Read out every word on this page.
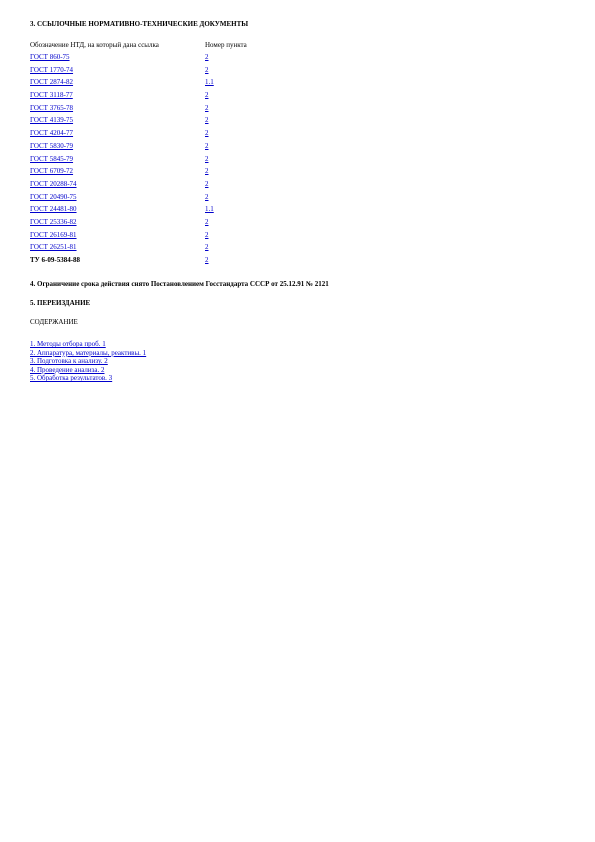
3. ССЫЛОЧНЫЕ НОРМАТИВНО-ТЕХНИЧЕСКИЕ ДОКУМЕНТЫ
Обозначение НТД, на который дана ссылка	Номер пункта
ГОСТ 860-75	2
ГОСТ 1770-74	2
ГОСТ 2874-82	1.1
ГОСТ 3118-77	2
ГОСТ 3765-78	2
ГОСТ 4139-75	2
ГОСТ 4204-77	2
ГОСТ 5830-79	2
ГОСТ 5845-79	2
ГОСТ 6709-72	2
ГОСТ 20288-74	2
ГОСТ 20490-75	2
ГОСТ 24481-80	1.1
ГОСТ 25336-82	2
ГОСТ 26169-81	2
ГОСТ 26251-81	2
ТУ 6-09-5384-88	2
4. Ограничение срока действия снято Постановлением Госстандарта СССР от 25.12.91 № 2121
5. ПЕРЕИЗДАНИЕ
СОДЕРЖАНИЕ
1. Методы отбора проб. 1
2. Аппаратура, материалы, реактивы. 1
3. Подготовка к анализу. 2
4. Проведение анализа. 2
5. Обработка результатов. 3
